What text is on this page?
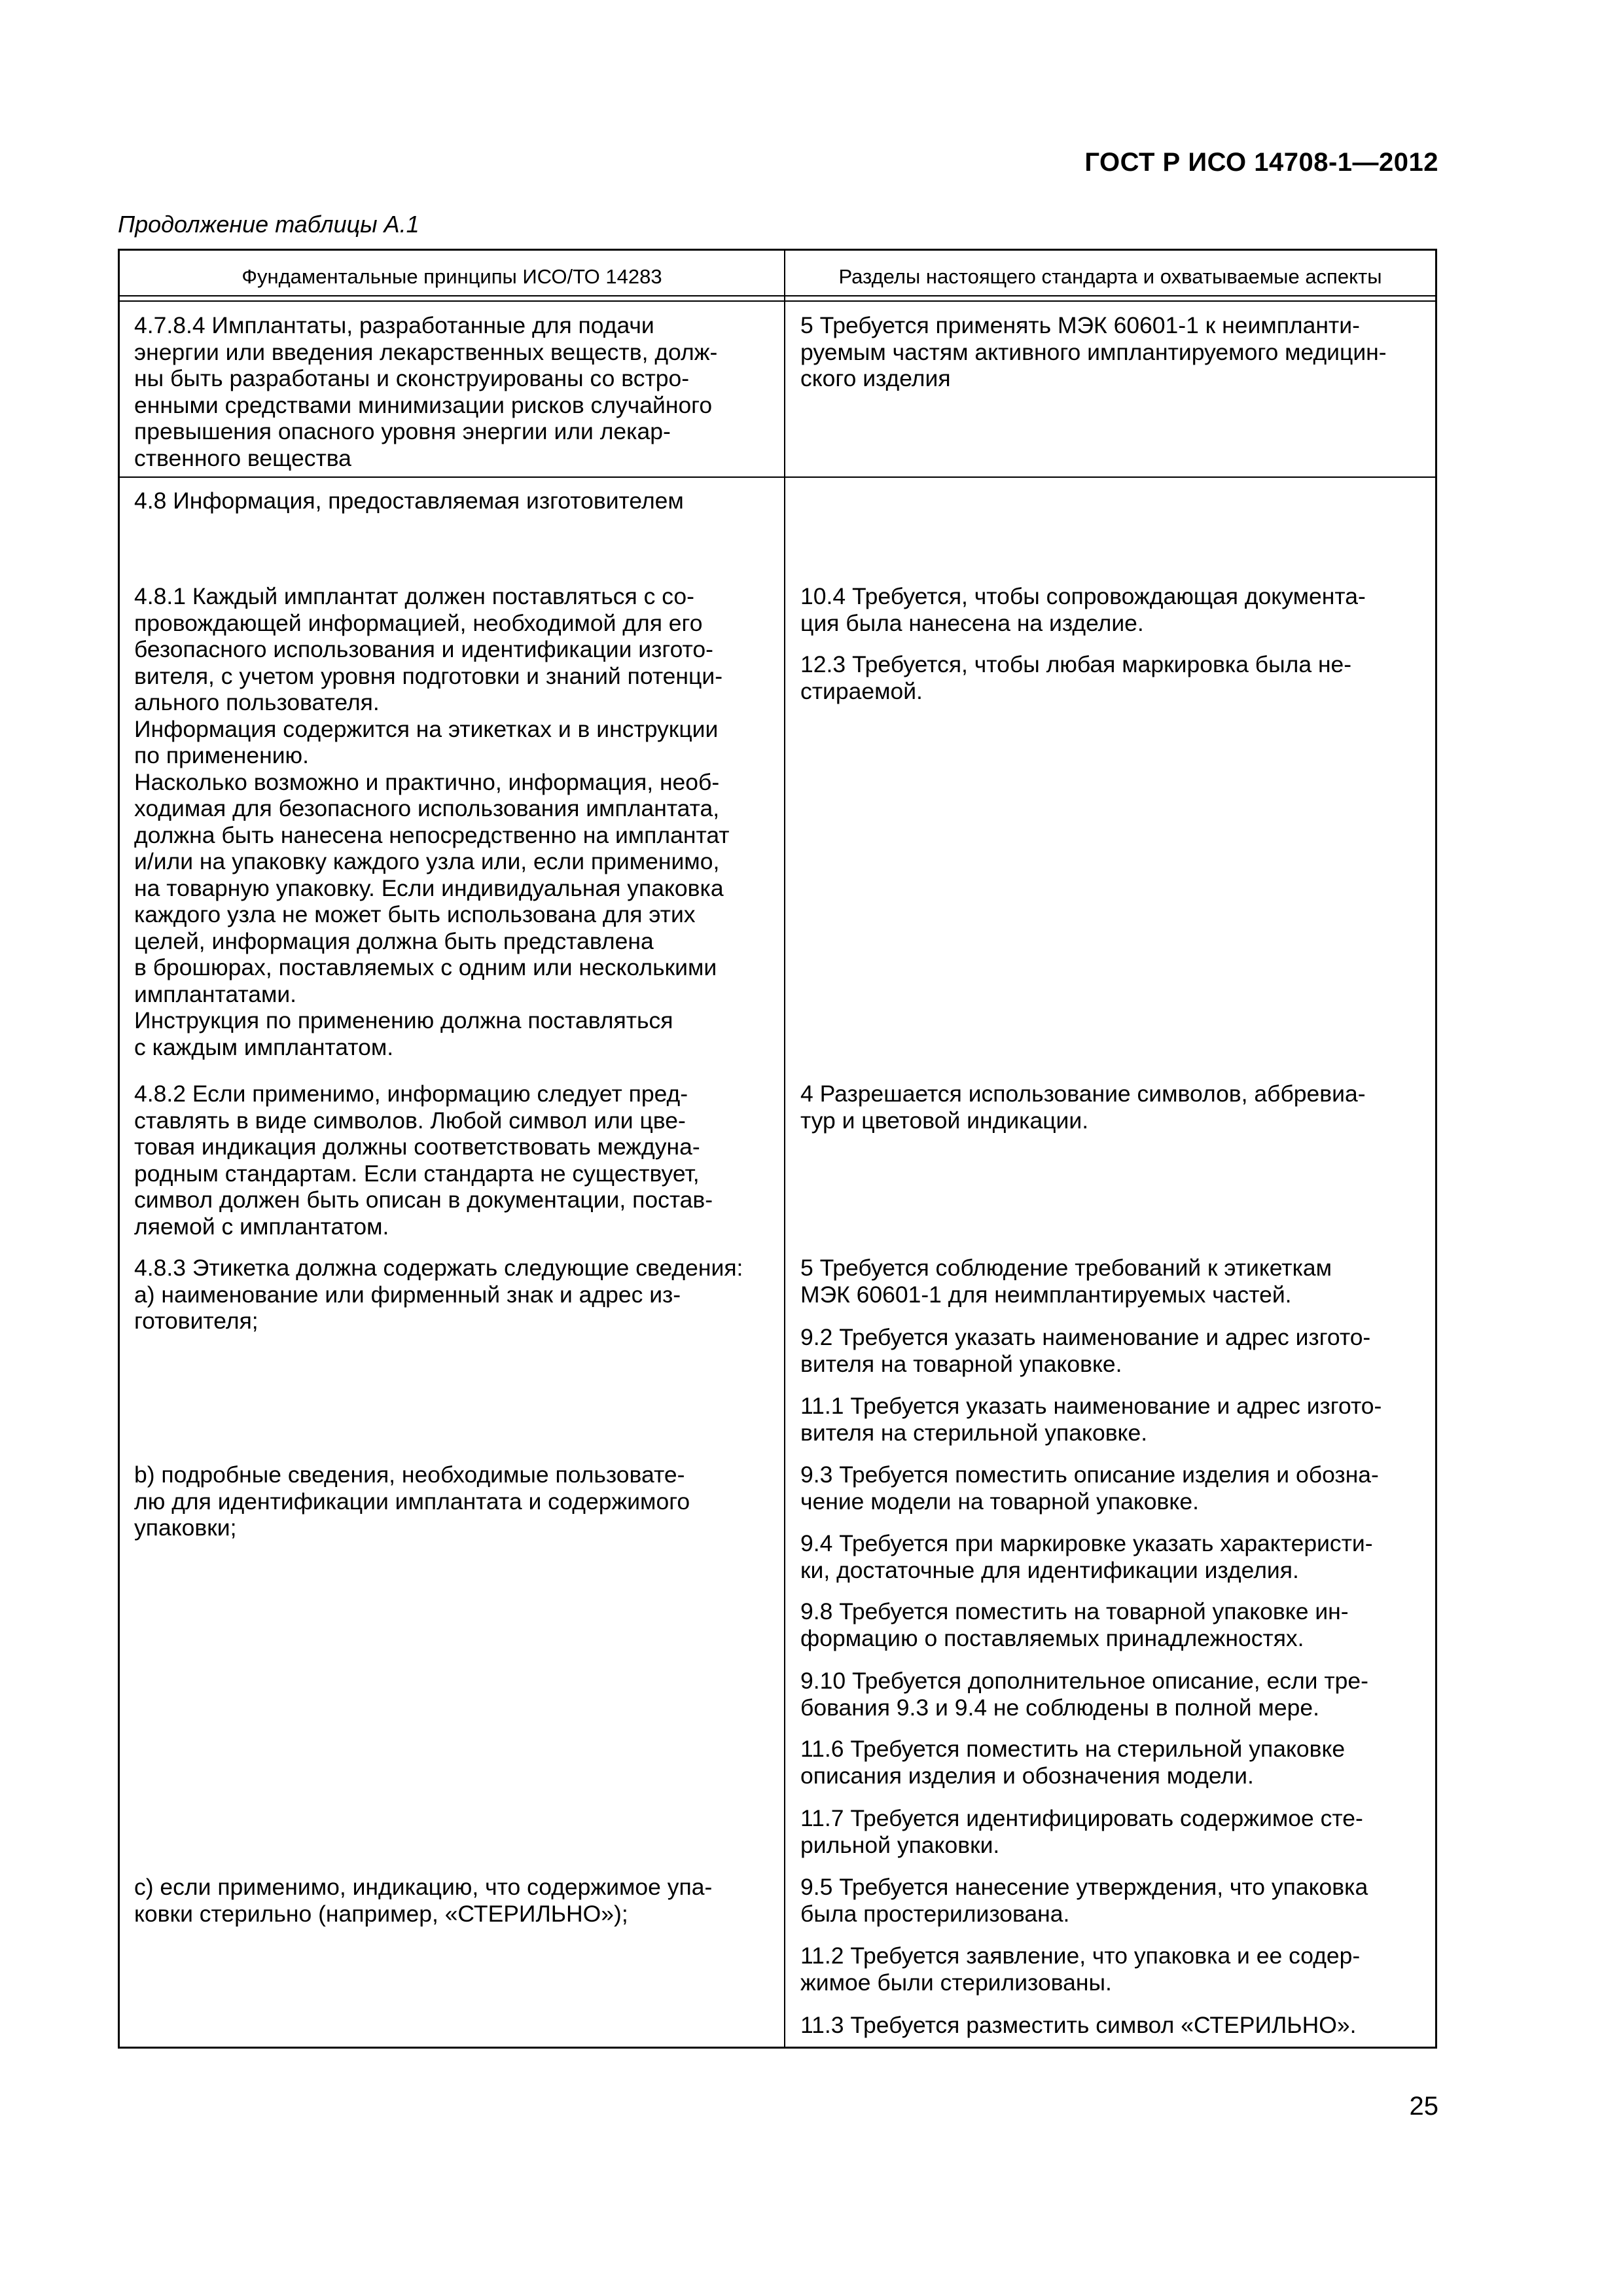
ГОСТ Р ИСО 14708-1—2012
Продолжение таблицы А.1
Фундаментальные принципы ИСО/ТО 14283	Разделы настоящего стандарта и охватываемые аспекты
4.7.8.4 Имплантаты, разработанные для подачи
энергии или введения лекарственных веществ, долж-
ны быть разработаны и сконструированы со встро-
енными средствами минимизации рисков случайного
превышения опасного уровня энергии или лекар-
ственного вещества
5 Требуется применять МЭК 60601-1 к неимпланти-
руемым частям активного имплантируемого медицин-
ского изделия
4.8 Информация, предоставляемая изготовителем
4.8.1 Каждый имплантат должен поставляться с со-
провождающей информацией, необходимой для его
безопасного использования и идентификации изгото-
вителя, с учетом уровня подготовки и знаний потенци-
ального пользователя.
Информация содержится на этикетках и в инструкции
по применению.
Насколько возможно и практично, информация, необ-
ходимая для безопасного использования имплантата,
должна быть нанесена непосредственно на имплантат
и/или на упаковку каждого узла или, если применимо,
на товарную упаковку. Если индивидуальная упаковка
каждого узла не может быть использована для этих
целей, информация должна быть представлена
в брошюрах, поставляемых с одним или несколькими
имплантатами.
Инструкция по применению должна поставляться
с каждым имплантатом.
10.4 Требуется, чтобы сопровождающая документа-
ция была нанесена на изделие.
12.3 Требуется, чтобы любая маркировка была не-
стираемой.
4.8.2 Если применимо, информацию следует пред-
ставлять в виде символов. Любой символ или цве-
товая индикация должны соответствовать междуна-
родным стандартам. Если стандарта не существует,
символ должен быть описан в документации, постав-
ляемой с имплантатом.
4 Разрешается использование символов, аббревиа-
тур и цветовой индикации.
4.8.3 Этикетка должна содержать следующие сведения:
a) наименование или фирменный знак и адрес из-
готовителя;
5 Требуется соблюдение требований к этикеткам
МЭК 60601-1 для неимплантируемых частей.
9.2 Требуется указать наименование и адрес изгото-
вителя на товарной упаковке.
11.1 Требуется указать наименование и адрес изгото-
вителя на стерильной упаковке.
b) подробные сведения, необходимые пользовате-
лю для идентификации имплантата и содержимого
упаковки;
9.3 Требуется поместить описание изделия и обозна-
чение модели на товарной упаковке.
9.4 Требуется при маркировке указать характеристи-
ки, достаточные для идентификации изделия.
9.8 Требуется поместить на товарной упаковке ин-
формацию о поставляемых принадлежностях.
9.10 Требуется дополнительное описание, если тре-
бования 9.3 и 9.4 не соблюдены в полной мере.
11.6 Требуется поместить на стерильной упаковке
описания изделия и обозначения модели.
11.7 Требуется идентифицировать содержимое сте-
рильной упаковки.
c) если применимо, индикацию, что содержимое упа-
ковки стерильно (например, «СТЕРИЛЬНО»);
9.5 Требуется нанесение утверждения, что упаковка
была простерилизована.
11.2 Требуется заявление, что упаковка и ее содер-
жимое были стерилизованы.
11.3 Требуется разместить символ «СТЕРИЛЬНО».
25
